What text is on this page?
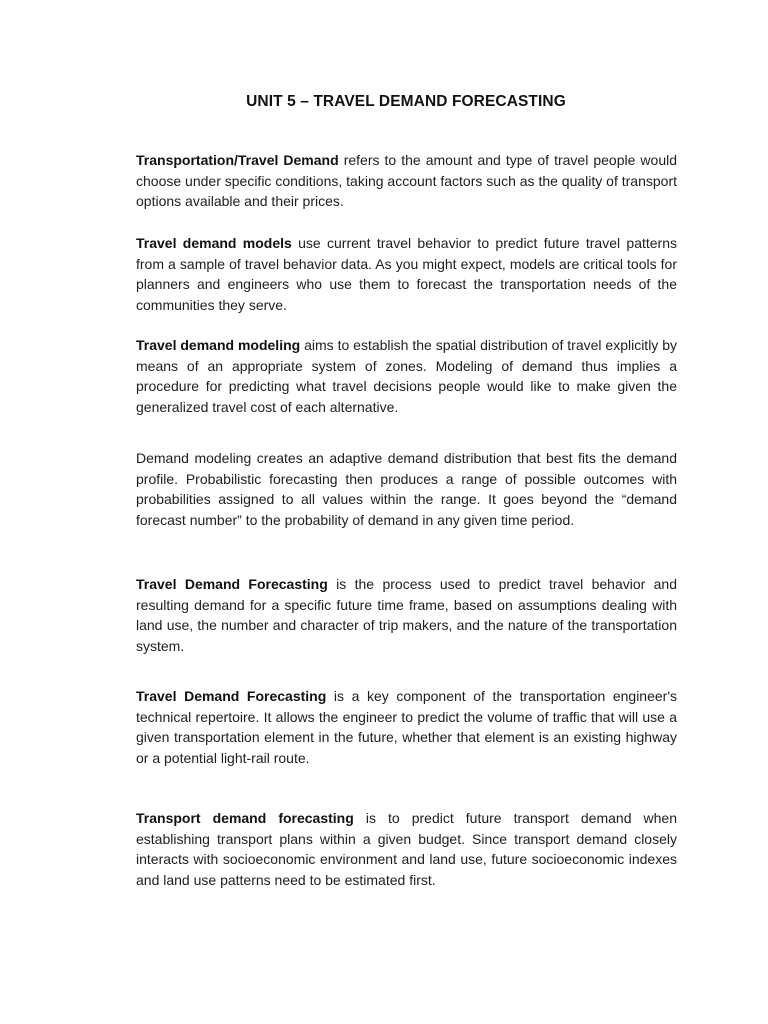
UNIT 5 – TRAVEL DEMAND FORECASTING

Transportation/Travel Demand refers to the amount and type of travel people would choose under specific conditions, taking account factors such as the quality of transport options available and their prices.

Travel demand models use current travel behavior to predict future travel patterns from a sample of travel behavior data. As you might expect, models are critical tools for planners and engineers who use them to forecast the transportation needs of the communities they serve.

Travel demand modeling aims to establish the spatial distribution of travel explicitly by means of an appropriate system of zones. Modeling of demand thus implies a procedure for predicting what travel decisions people would like to make given the generalized travel cost of each alternative.

Demand modeling creates an adaptive demand distribution that best fits the demand profile. Probabilistic forecasting then produces a range of possible outcomes with probabilities assigned to all values within the range. It goes beyond the “demand forecast number” to the probability of demand in any given time period.

Travel Demand Forecasting is the process used to predict travel behavior and resulting demand for a specific future time frame, based on assumptions dealing with land use, the number and character of trip makers, and the nature of the transportation system.

Travel Demand Forecasting is a key component of the transportation engineer's technical repertoire. It allows the engineer to predict the volume of traffic that will use a given transportation element in the future, whether that element is an existing highway or a potential light-rail route.

Transport demand forecasting is to predict future transport demand when establishing transport plans within a given budget. Since transport demand closely interacts with socioeconomic environment and land use, future socioeconomic indexes and land use patterns need to be estimated first.
